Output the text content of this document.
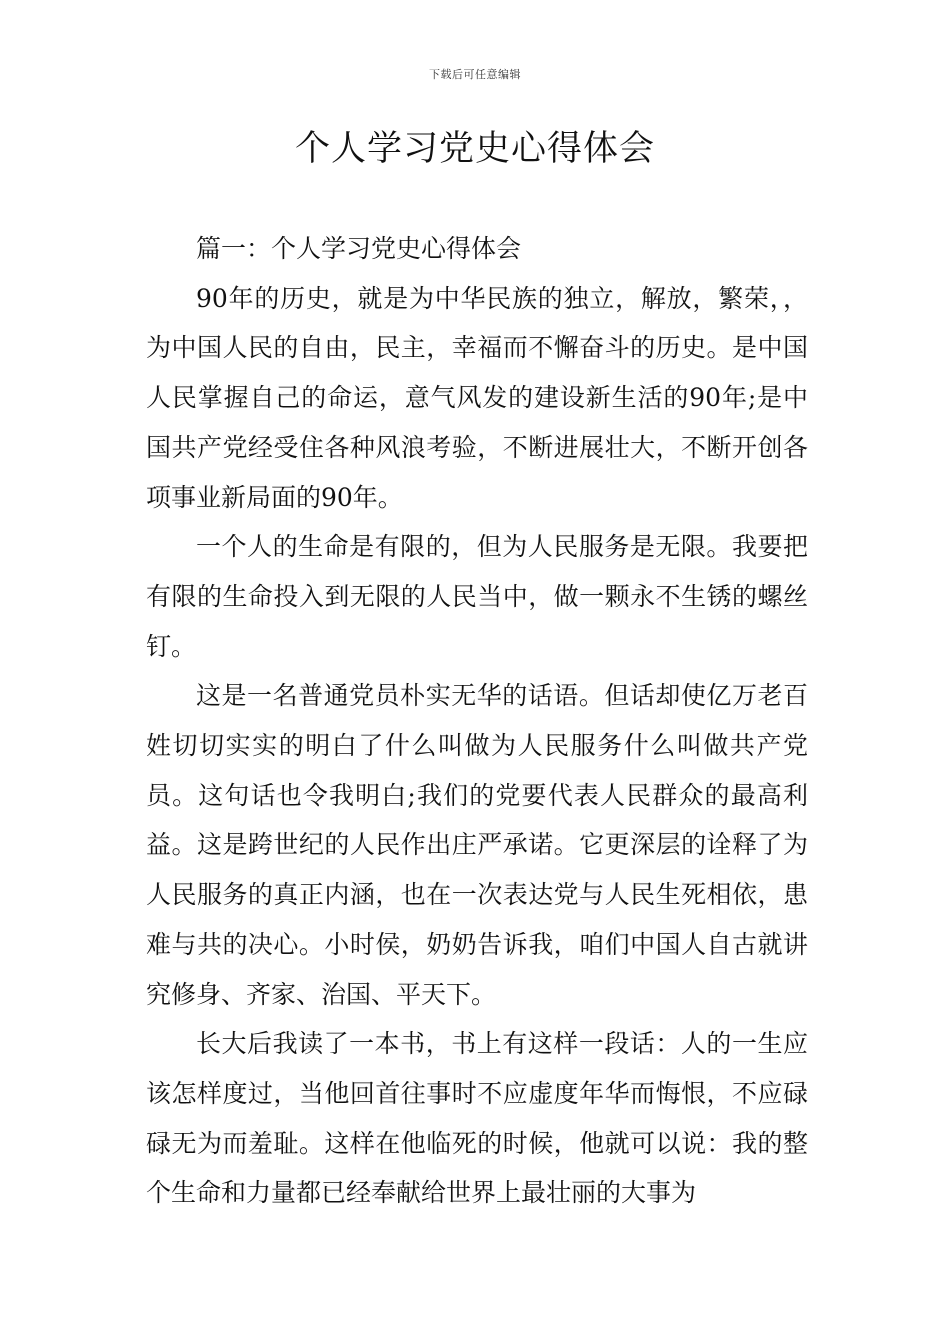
下载后可任意编辑
个人学习党史心得体会

篇一：个人学习党史心得体会

90年的历史，就是为中华民族的独立，解放，繁荣，，为中国人民的自由，民主，幸福而不懈奋斗的历史。是中国人民掌握自己的命运，意气风发的建设新生活的90年;是中国共产党经受住各种风浪考验，不断进展壮大，不断开创各项事业新局面的90年。

一个人的生命是有限的，但为人民服务是无限。我要把有限的生命投入到无限的人民当中，做一颗永不生锈的螺丝钉。

这是一名普通党员朴实无华的话语。但话却使亿万老百姓切切实实的明白了什么叫做为人民服务什么叫做共产党员。这句话也令我明白;我们的党要代表人民群众的最高利益。这是跨世纪的人民作出庄严承诺。它更深层的诠释了为人民服务的真正内涵，也在一次表达党与人民生死相依，患难与共的决心。小时侯，奶奶告诉我，咱们中国人自古就讲究修身、齐家、治国、平天下。

长大后我读了一本书，书上有这样一段话：人的一生应该怎样度过，当他回首往事时不应虚度年华而悔恨，不应碌碌无为而羞耻。这样在他临死的时候，他就可以说：我的整个生命和力量都已经奉献给世界上最壮丽的大事为
